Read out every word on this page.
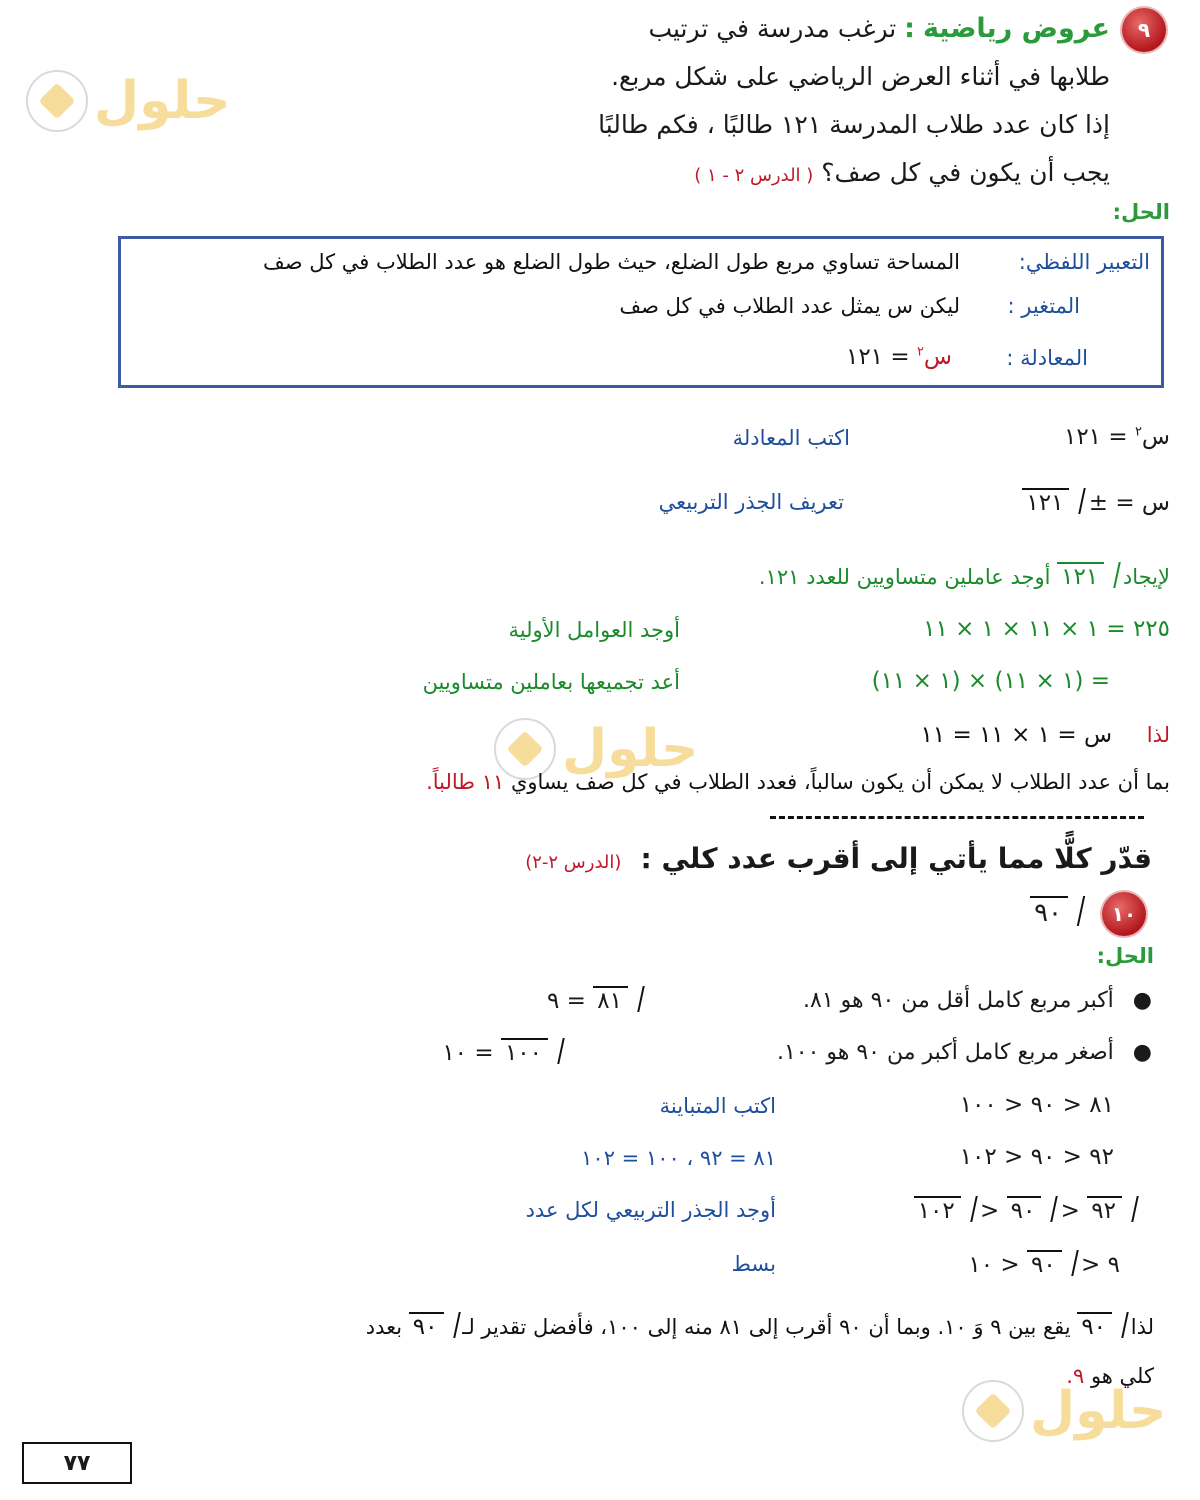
حلول
حلول
حلول
٩
عروض رياضية : ترغب مدرسة في ترتيب
طلابها في أثناء العرض الرياضي على شكل مربع.
إذا كان عدد طلاب المدرسة ١٢١ طالبًا ، فكم طالبًا
يجب أن يكون في كل صف؟ ( الدرس ٢ - ١ )
الحل:
التعبير اللفظي:
المساحة تساوي مربع طول الضلع، حيث طول الضلع هو عدد الطلاب في كل صف
المتغير :
ليكن س يمثل عدد الطلاب في كل صف
المعادلة :
س$^٢$ = ١٢١
س$^٢$ = ١٢١
اكتب المعادلة
س = ± ١٢١
تعريف الجذر التربيعي
لإيجاد ١٢١ أوجد عاملين متساويين للعدد ١٢١.
٢٢٥ = ١ × ١١ × ١ × ١١
أوجد العوامل الأولية
= (١ × ١١) × (١ × ١١)
أعد تجميعها بعاملين متساويين
لذا س = ١ × ١١ = ١١
بما أن عدد الطلاب لا يمكن أن يكون سالباً، فعدد الطلاب في كل صف يساوي ١١ طالباً.
قدّر كلًّا مما يأتي إلى أقرب عدد كلي : (الدرس ٢-٢)
١٠
٩٠
الحل:
● أكبر مربع كامل أقل من ٩٠ هو ٨١.
٨١ = ٩
● أصغر مربع كامل أكبر من ٩٠ هو ١٠٠.
١٠٠ = ١٠
٨١ < ٩٠ < ١٠٠
اكتب المتباينة
٩٢ < ٩٠ < ١٠٢
٨١ = ٩٢ ، ١٠٠ = ١٠٢
٩٢ < ٩٠ < ١٠٢
أوجد الجذر التربيعي لكل عدد
٩ < ٩٠ < ١٠
بسط
لذا ٩٠ يقع بين ٩ وَ ١٠. وبما أن ٩٠ أقرب إلى ٨١ منه إلى ١٠٠، فأفضل تقدير لـ ٩٠ بعدد
كلي هو ٩.
٧٧
